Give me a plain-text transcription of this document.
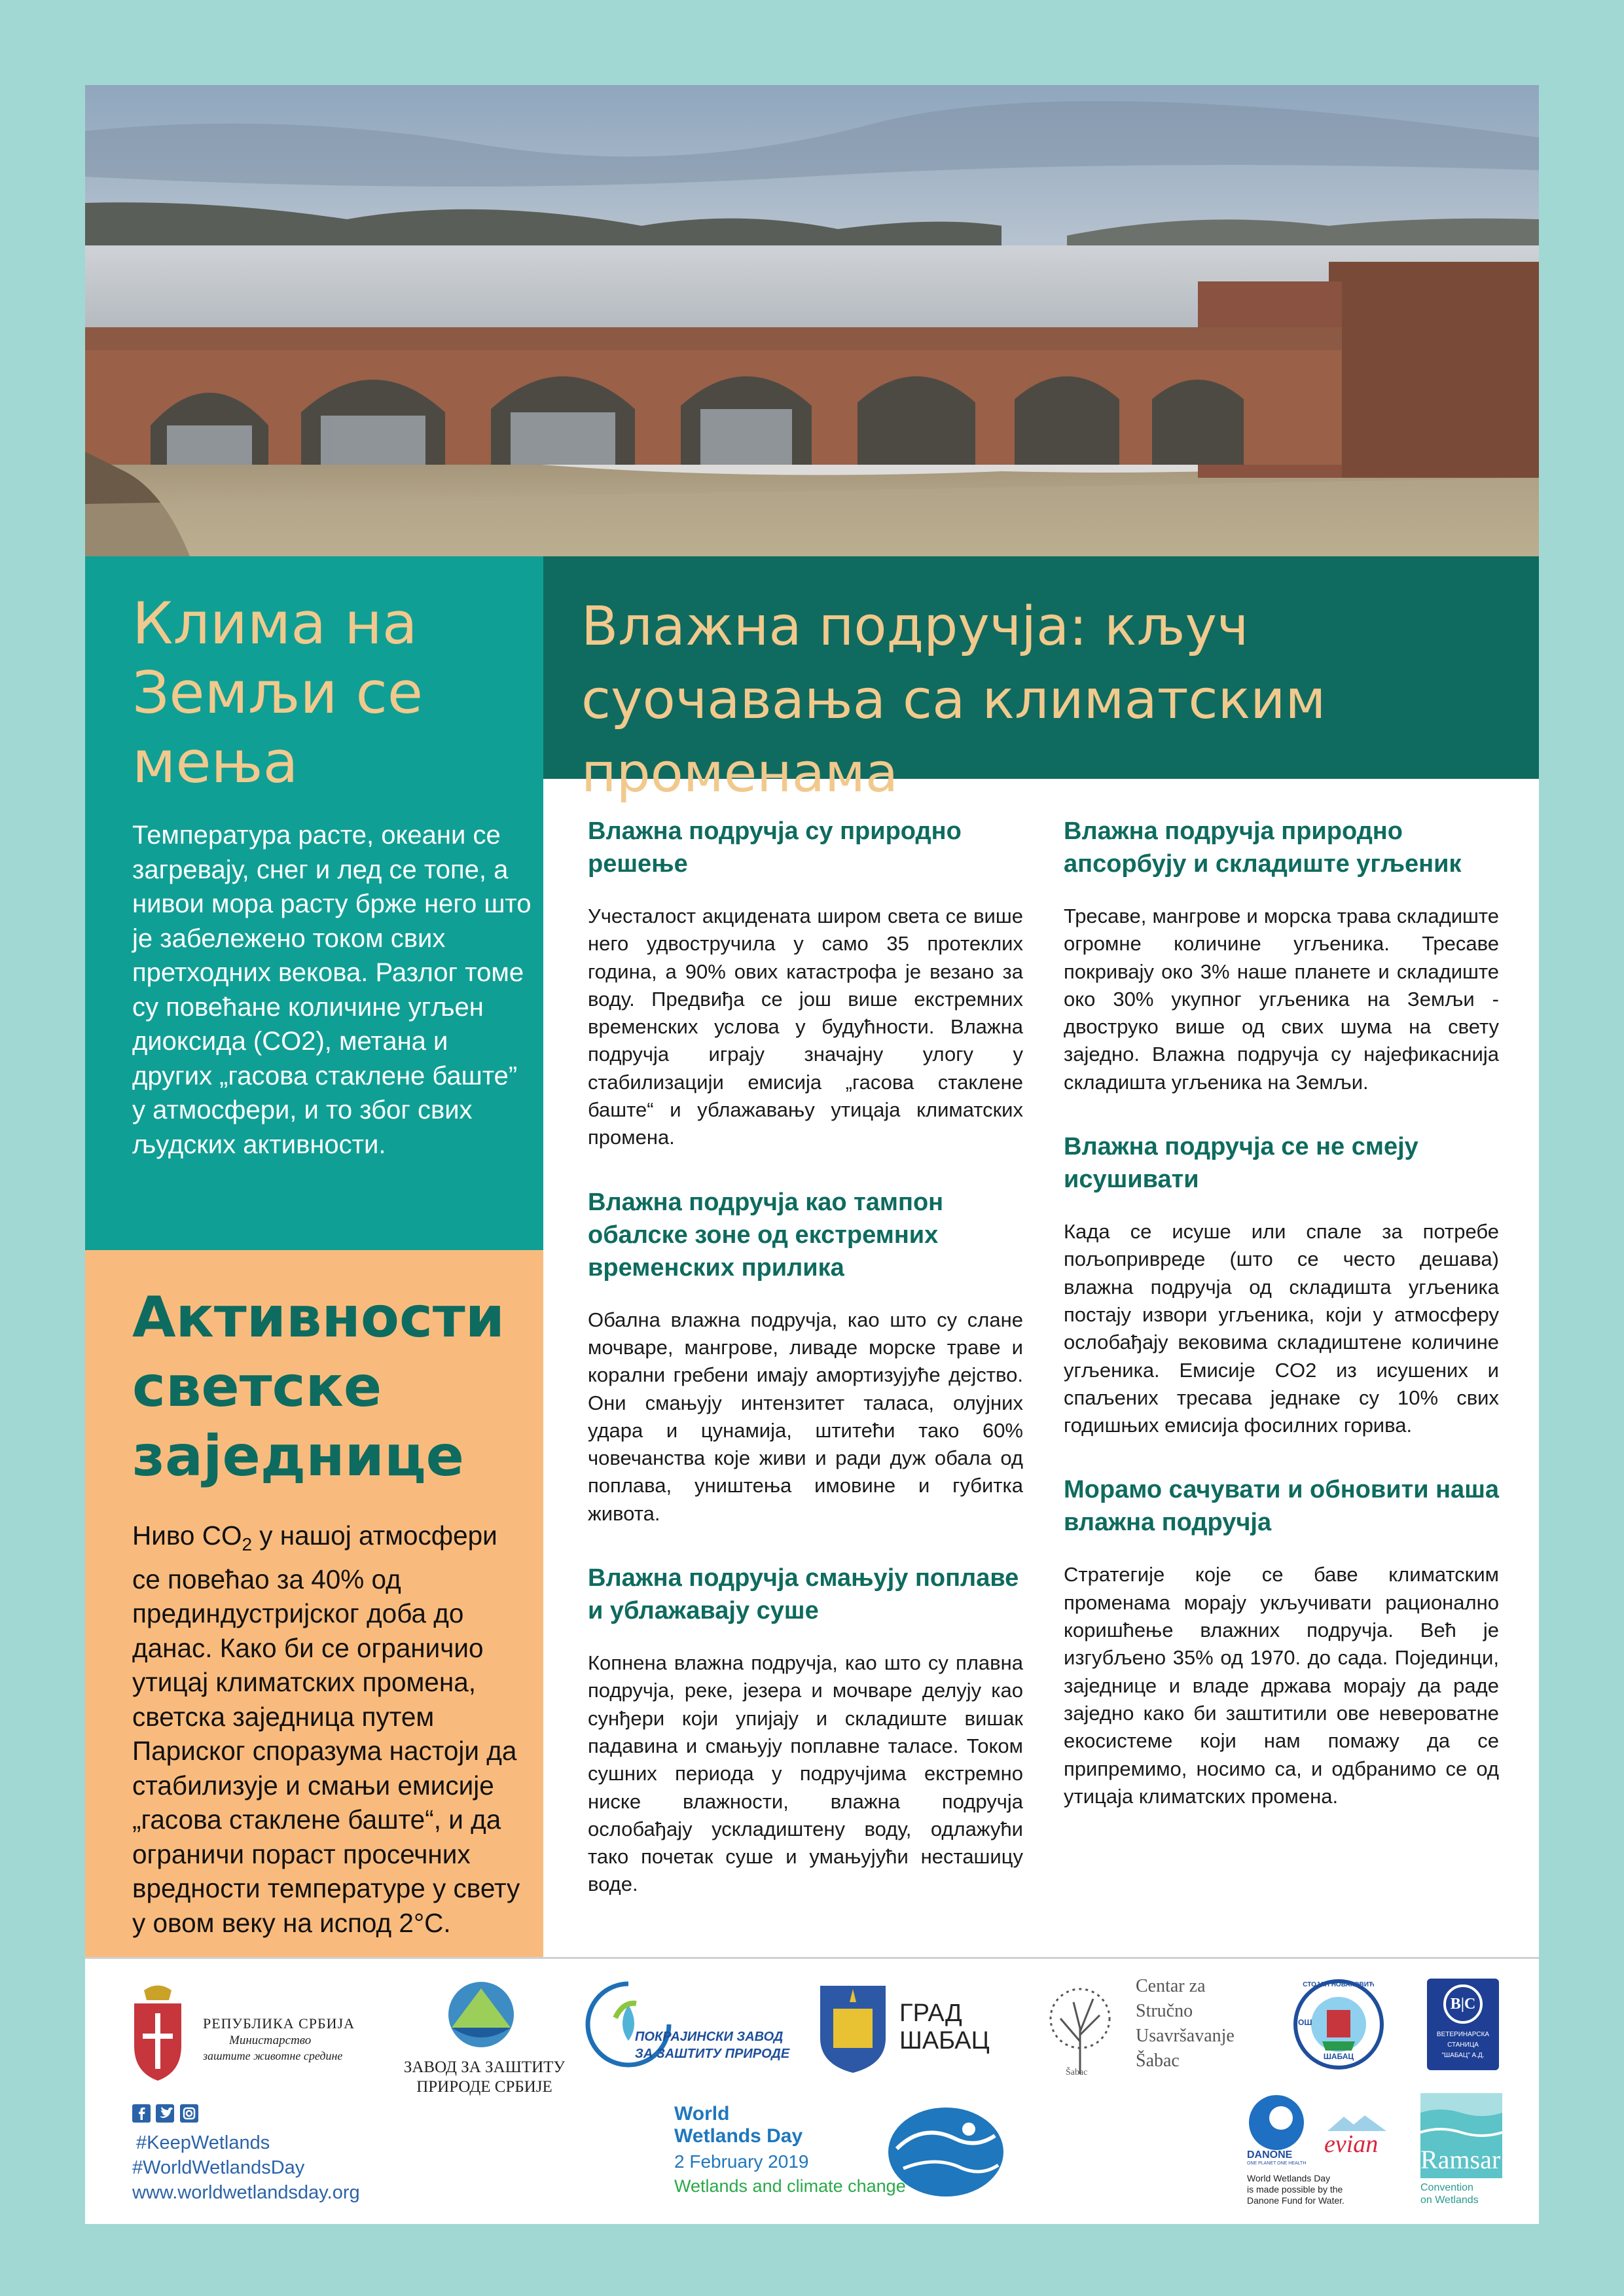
Клима на Земљи се мења

Температура расте, океани се загревају, снег и лед се топе, а нивои мора расту брже него што је забележено током свих претходних векова. Разлог томе су повећане количине угљен диоксида (CO2), метана и других „гасова стаклене баште” у атмосфери, и то због свих људских активности.

Активности светске заједнице

Ниво $CO_2$ у нашој атмосфери се повећао за 40% од прединдустријског доба до данас. Како би се ограничио утицај климатских промена, светска заједница путем Париског споразума настоји да стабилизује и смањи емисије „гасова стаклене баште“, и да ограничи пораст просечних вредности температуре у свету у овом веку на испод 2°C.

Влажна подручја: кључ суочавања са климатским променама
Влажна подручја су природно решење

Учесталост акцидената широм света се више него удвостручила у само 35 протеклих година, а 90% ових катастрофа је везано за воду. Предвиђа се још више екстремних временских услова у будућности. Влажна подручја играју значајну улогу у стабилизацији емисија „гасова стаклене баште“ и ублажавању утицаја климатских промена.

Влажна подручја као тампон обалске зоне од екстремних временских прилика

Обална влажна подручја, као што су слане мочваре, мангрове, ливаде морске траве и корални гребени имају амортизујуће дејство. Они смањују интензитет таласа, олујних удара и цунамија, штитећи тако 60% човечанства које живи и ради дуж обала од поплава, уништења имовине и губитка живота.

Влажна подручја смањују поплаве и ублажавају суше

Копнена влажна подручја, као што су плавна подручја, реке, језера и мочваре делују као сунђери који упијају и складиште вишак падавина и смањују поплавне таласе. Током сушних периода у подручјима екстремно ниске влажности, влажна подручја ослобађају ускладиштену воду, одлажући тако почетак суше и умањујући несташицу воде.

Влажна подручја природно апсорбују и складиште угљеник

Тресаве, мангрове и морска трава складиште огромне количине угљеника. Тресаве покривају око 3% наше планете и складиште око 30% укупног угљеника на Земљи - двоструко више од свих шума на свету заједно. Влажна подручја су најефикаснија складишта угљеника на Земљи.

Влажна подручја се не смеју исушивати

Када се исуше или спале за потребе пољопривреде (што се често дешава) влажна подручја од складишта угљеника постају извори угљеника, који у атмосферу ослобађају вековима складиштене количине угљеника. Емисије CO2 из исушених и спаљених тресава једнаке су 10% свих годишњих емисија фосилних горива.

Морамо сачувати и обновити наша влажна подручја

Стратегије које се баве климатским променама морају укључивати рационално коришћење влажних подручја. Већ је изгубљено 35% од 1970. до сада. Појединци, заједнице и владе држава морају да раде заједно како би заштитили ове невероватне екосистеме који нам помажу да се припремимо, носимо са, и одбранимо се од утицаја климатских промена.

РЕПУБЛИКА СРБИЈА
Министарство
заштите животне средине
ЗАВОД ЗА ЗАШТИТУ
ПРИРОДЕ СРБИЈЕ
ПОКРАЈИНСКИ ЗАВОД
ЗА ЗАШТИТУ ПРИРОДЕ
ГРАД
ШАБАЦ
Šabac
Centar za
Stručno
Usavršavanje
Šabac
СТОЈАН НОВАКОВИЋ
ШАБАЦ
ОШ
B|C
ВЕТЕРИНАРСКА
СТАНИЦА
"ШАБАЦ" А.Д.

#KeepWetlands
#WorldWetlandsDay
www.worldwetlandsday.org
World
Wetlands Day
2 February 2019
Wetlands and climate change
DANONE
ONE PLANET ONE HEALTH
evian
World Wetlands Day
is made possible by the
Danone Fund for Water.
Ramsar
Convention
on Wetlands
